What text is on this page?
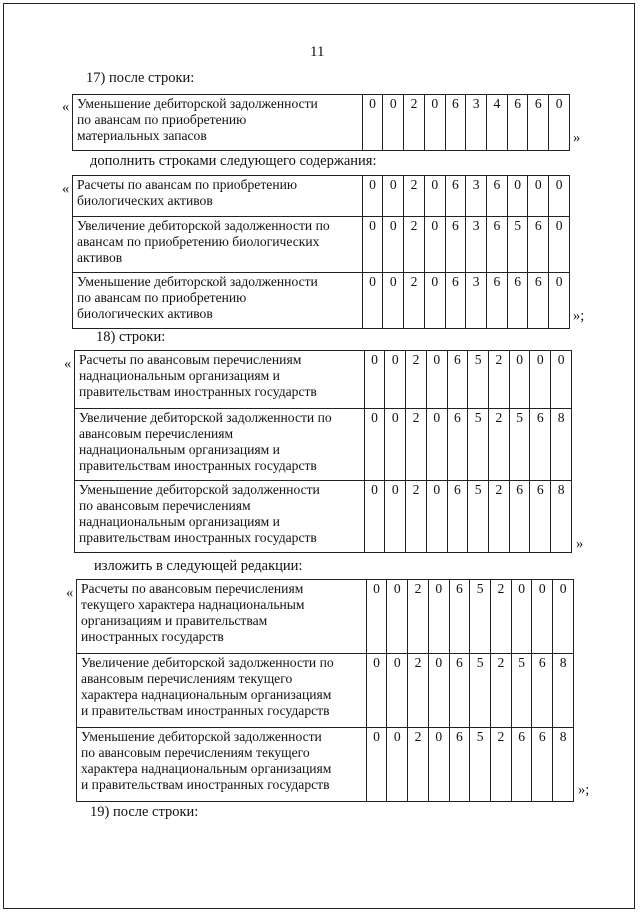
11
17) после строки:
« Уменьшение дебиторской задолженности
по авансам по приобретению
материальных запасов
	0	0	2	0	6	3	4	6	6	0
»
дополнить строками следующего содержания:
« Расчеты по авансам по приобретению
биологических активов	0	0	2	0	6	3	6	0	0	0

Увеличение дебиторской задолженности по
авансам по приобретению биологических
активов	0	0	2	0	6	3	6	5	6	0

Уменьшение дебиторской задолженности
по авансам по приобретению
биологических активов	0	0	2	0	6	3	6	6	6	0
»;
18) строки:
« Расчеты по авансовым перечислениям
наднациональным организациям и
правительствам иностранных государств	0	0	2	0	6	5	2	0	0	0

Увеличение дебиторской задолженности по
авансовым перечислениям
наднациональным организациям и
правительствам иностранных государств	0	0	2	0	6	5	2	5	6	8

Уменьшение дебиторской задолженности
по авансовым перечислениям
наднациональным организациям и
правительствам иностранных государств	0	0	2	0	6	5	2	6	6	8
»
изложить в следующей редакции:
« Расчеты по авансовым перечислениям
текущего характера наднациональным
организациям и правительствам
иностранных государств	0	0	2	0	6	5	2	0	0	0

Увеличение дебиторской задолженности по
авансовым перечислениям текущего
характера наднациональным организациям
и правительствам иностранных государств	0	0	2	0	6	5	2	5	6	8

Уменьшение дебиторской задолженности
по авансовым перечислениям текущего
характера наднациональным организациям
и правительствам иностранных государств	0	0	2	0	6	5	2	6	6	8
»;
19) после строки:
